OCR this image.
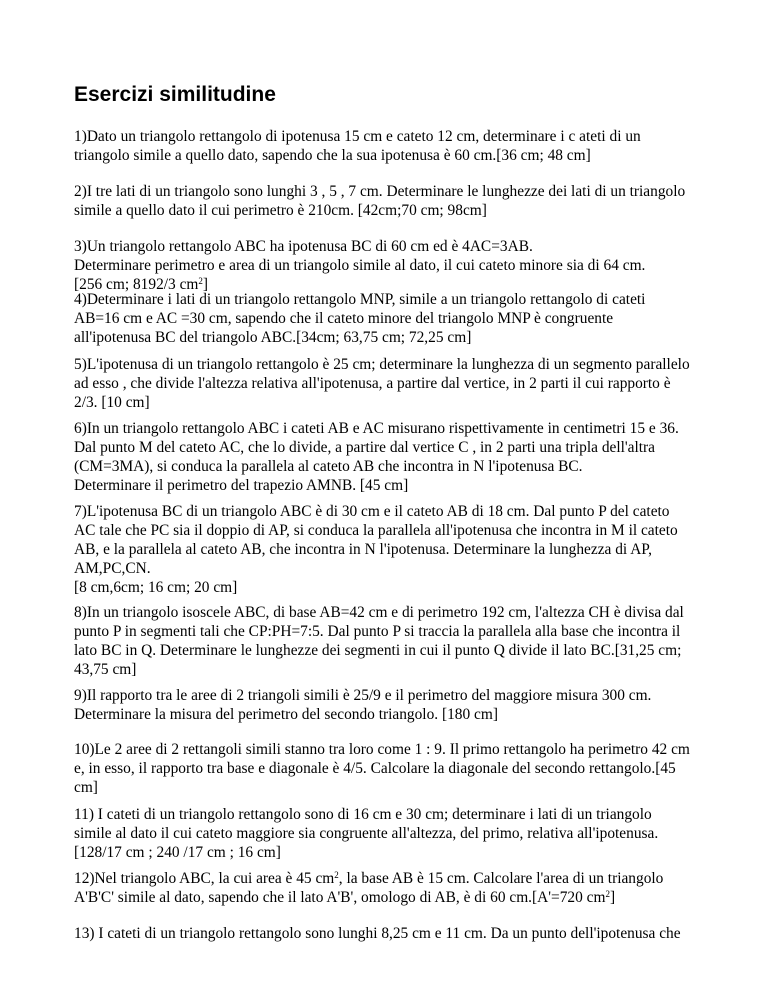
Esercizi similitudine

1)Dato un triangolo rettangolo di ipotenusa 15 cm e cateto 12 cm, determinare i c ateti di un
triangolo simile a quello dato, sapendo che la sua ipotenusa è 60 cm.[36 cm; 48 cm]

2)I tre lati di un triangolo sono lunghi 3 , 5 , 7 cm. Determinare le lunghezze dei lati di un triangolo
simile a quello dato il cui perimetro è 210cm. [42cm;70 cm; 98cm]

3)Un triangolo rettangolo ABC ha ipotenusa BC di 60 cm ed è 4AC=3AB.
Determinare perimetro e area di un triangolo simile al dato, il cui cateto minore sia di 64 cm.
[256 cm; 8192/3 $cm^2$]

4)Determinare i lati di un triangolo rettangolo MNP, simile a un triangolo rettangolo di cateti
AB=16 cm e AC =30 cm, sapendo che il cateto minore del triangolo MNP è congruente
all'ipotenusa BC del triangolo ABC.[34cm; 63,75 cm; 72,25 cm]

5)L'ipotenusa di un triangolo rettangolo è 25 cm; determinare la lunghezza di un segmento parallelo
ad esso , che divide l'altezza relativa all'ipotenusa, a partire dal vertice, in 2 parti il cui rapporto è
2/3. [10 cm]

6)In un triangolo rettangolo ABC i cateti AB e AC misurano rispettivamente in centimetri 15 e 36.
Dal punto M del cateto AC, che lo divide, a partire dal vertice C , in 2 parti una tripla dell'altra
(CM=3MA), si conduca la parallela al cateto AB che incontra in N l'ipotenusa BC.
Determinare il perimetro del trapezio AMNB. [45 cm]

7)L'ipotenusa BC di un triangolo ABC è di 30 cm e il cateto AB di 18 cm. Dal punto P del cateto
AC tale che PC sia il doppio di AP, si conduca la parallela all'ipotenusa che incontra in M il cateto
AB, e la parallela al cateto AB, che incontra in N l'ipotenusa. Determinare la lunghezza di AP,
AM,PC,CN.
[8 cm,6cm; 16 cm; 20 cm]

8)In un triangolo isoscele ABC, di base AB=42 cm e di perimetro 192 cm, l'altezza CH è divisa dal
punto P in segmenti tali che CP:PH=7:5. Dal punto P si traccia la parallela alla base che incontra il
lato BC in Q. Determinare le lunghezze dei segmenti in cui il punto Q divide il lato BC.[31,25 cm;
43,75 cm]

9)Il rapporto tra le aree di 2 triangoli simili è 25/9 e il perimetro del maggiore misura 300 cm.
Determinare la misura del perimetro del secondo triangolo. [180 cm]

10)Le 2 aree di 2 rettangoli simili stanno tra loro come 1 : 9. Il primo rettangolo ha perimetro 42 cm
e, in esso, il rapporto tra base e diagonale è 4/5. Calcolare la diagonale del secondo rettangolo.[45
cm]

11) I cateti di un triangolo rettangolo sono di 16 cm e 30 cm; determinare i lati di un triangolo
simile al dato il cui cateto maggiore sia congruente all'altezza, del primo, relativa all'ipotenusa.
[128/17 cm ; 240 /17 cm ; 16 cm]

12)Nel triangolo ABC, la cui area è 45 $cm^2$, la base AB è 15 cm. Calcolare l'area di un triangolo
A'B'C' simile al dato, sapendo che il lato A'B', omologo di AB, è di 60 cm.[A'=720 $cm^2$]

13) I cateti di un triangolo rettangolo sono lunghi 8,25 cm e 11 cm. Da un punto dell'ipotenusa che
